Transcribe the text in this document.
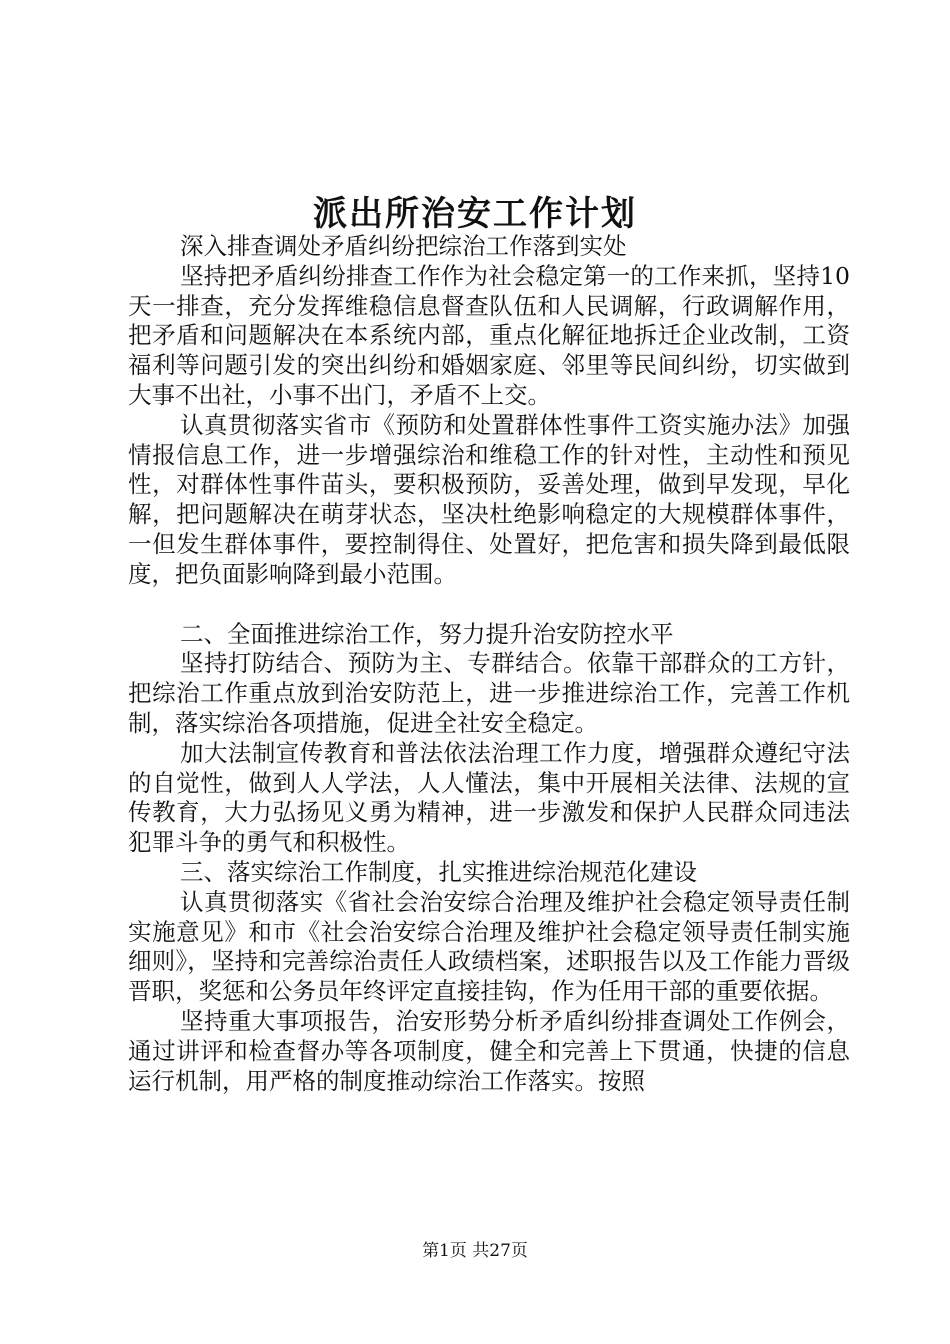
派出所治安工作计划

深入排查调处矛盾纠纷把综治工作落到实处

坚持把矛盾纠纷排查工作作为社会稳定第一的工作来抓，坚持10天一排查，充分发挥维稳信息督查队伍和人民调解，行政调解作用，把矛盾和问题解决在本系统内部，重点化解征地拆迁企业改制，工资福利等问题引发的突出纠纷和婚姻家庭、邻里等民间纠纷，切实做到大事不出社，小事不出门，矛盾不上交。

认真贯彻落实省市《预防和处置群体性事件工资实施办法》加强情报信息工作，进一步增强综治和维稳工作的针对性，主动性和预见性，对群体性事件苗头，要积极预防，妥善处理，做到早发现，早化解，把问题解决在萌芽状态，坚决杜绝影响稳定的大规模群体事件，一但发生群体事件，要控制得住、处置好，把危害和损失降到最低限度，把负面影响降到最小范围。

二、全面推进综治工作，努力提升治安防控水平

坚持打防结合、预防为主、专群结合。依靠干部群众的工方针，把综治工作重点放到治安防范上，进一步推进综治工作，完善工作机制，落实综治各项措施，促进全社安全稳定。

加大法制宣传教育和普法依法治理工作力度，增强群众遵纪守法的自觉性，做到人人学法，人人懂法，集中开展相关法律、法规的宣传教育，大力弘扬见义勇为精神，进一步激发和保护人民群众同违法犯罪斗争的勇气和积极性。

三、落实综治工作制度，扎实推进综治规范化建设

认真贯彻落实《省社会治安综合治理及维护社会稳定领导责任制实施意见》和市《社会治安综合治理及维护社会稳定领导责任制实施细则》，坚持和完善综治责任人政绩档案，述职报告以及工作能力晋级晋职，奖惩和公务员年终评定直接挂钩，作为任用干部的重要依据。

坚持重大事项报告，治安形势分析矛盾纠纷排查调处工作例会，通过讲评和检查督办等各项制度，健全和完善上下贯通，快捷的信息运行机制，用严格的制度推动综治工作落实。按照

第1页 共27页
